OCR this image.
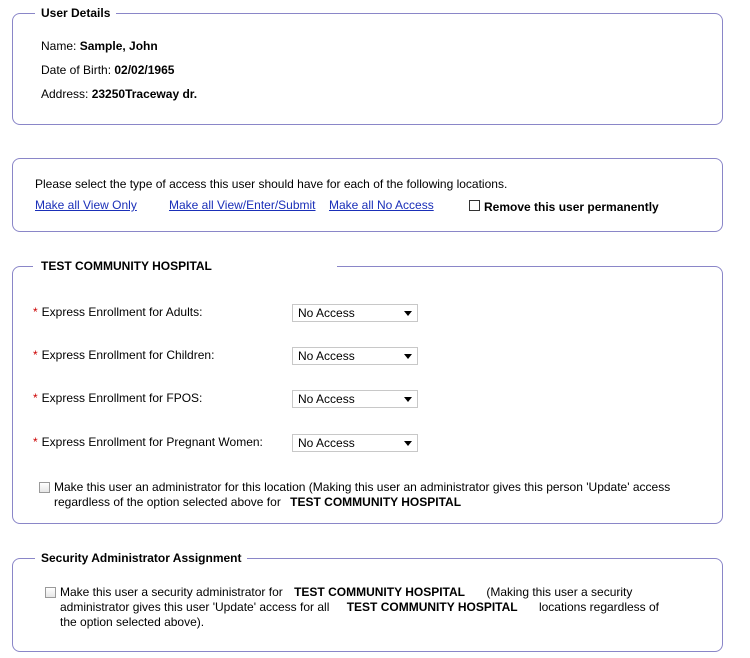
User Details
Name: Sample, John
Date of Birth: 02/02/1965
Address: 23250Traceway dr.
Please select the type of access this user should have for each of the following locations.
Make all View Only	Make all View/Enter/Submit Make all No Access	Remove this user permanently
TEST COMMUNITY HOSPITAL
* Express Enrollment for Adults:	No Access
* Express Enrollment for Children:	No Access
* Express Enrollment for FPOS:	No Access
* Express Enrollment for Pregnant Women:	No Access
Make this user an administrator for this location (Making this user an administrator gives this person 'Update' access
regardless of the option selected above for TEST COMMUNITY HOSPITAL
Security Administrator Assignment
Make this user a security administrator for TEST COMMUNITY HOSPITAL (Making this user a security
administrator gives this user 'Update' access for all TEST COMMUNITY HOSPITAL locations regardless of
the option selected above).
